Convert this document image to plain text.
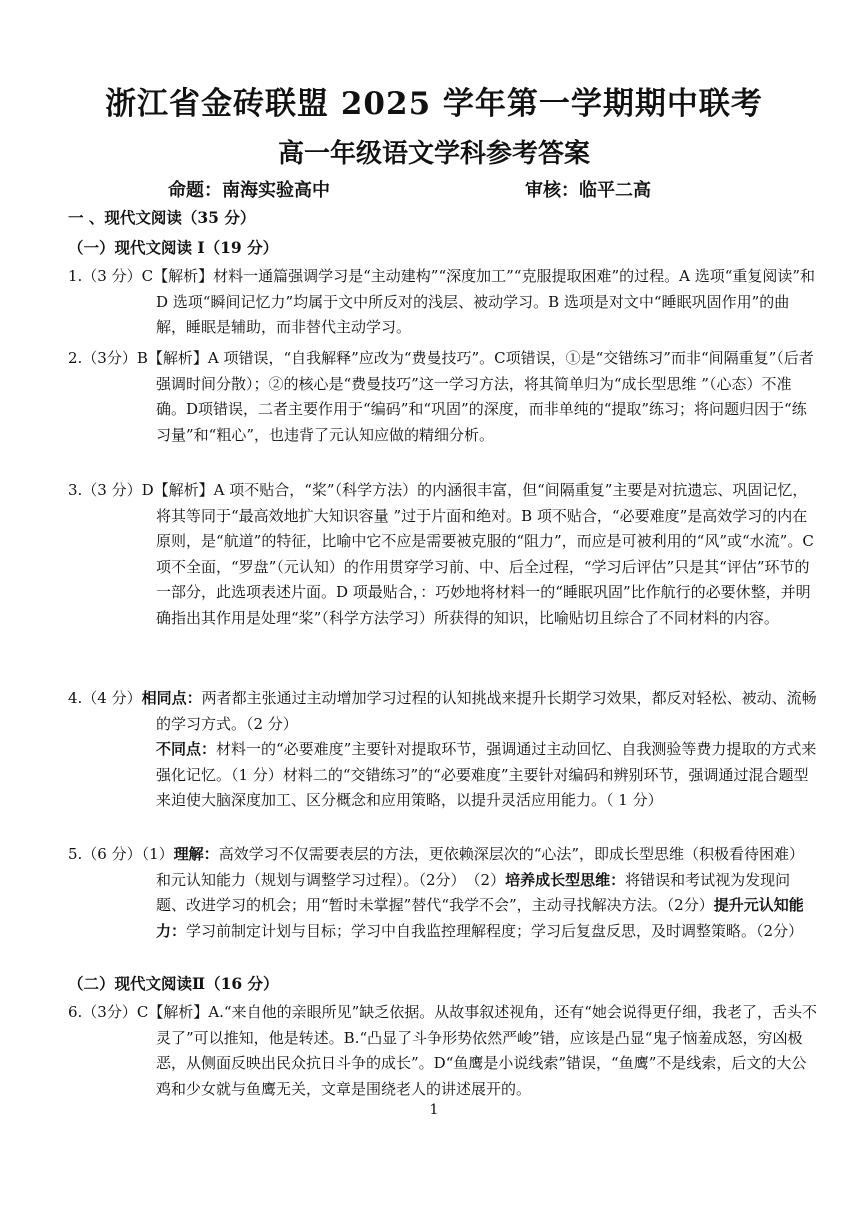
浙江省金砖联盟 2025 学年第一学期期中联考
高一年级语文学科参考答案
命题：南海实验高中	审核：临平二高
一 、现代文阅读（35 分）
（一）现代文阅读 Ⅰ（19 分）

1.（3 分）C【解析】材料一通篇强调学习是“主动建构”“深度加工”“克服提取困难”的过程。A 选项“重复阅读”和 D 选项“瞬间记忆力”均属于文中所反对的浅层、被动学习。B 选项是对文中“睡眠巩固作用”的曲解，睡眠是辅助，而非替代主动学习。

2.（3分）B【解析】A 项错误，“自我解释”应改为“费曼技巧”。C项错误，①是“交错练习”而非“间隔重复”（后者强调时间分散）；②的核心是“费曼技巧”这一学习方法，将其简单归为“成长型思维 ”（心态）不准确。D项错误，二者主要作用于“编码”和“巩固”的深度，而非单纯的“提取”练习；将问题归因于“练习量”和“粗心”，也违背了元认知应做的精细分析。

3.（3 分）D【解析】A 项不贴合，“桨”（科学方法）的内涵很丰富，但“间隔重复”主要是对抗遗忘、巩固记忆，将其等同于“最高效地扩大知识容量 ”过于片面和绝对。B 项不贴合，“必要难度”是高效学习的内在原则，是“航道”的特征，比喻中它不应是需要被克服的“阻力”，而应是可被利用的“风”或“水流”。C 项不全面，“罗盘”（元认知）的作用贯穿学习前、中、后全过程，“学习后评估”只是其“评估”环节的一部分，此选项表述片面。D 项最贴合，：巧妙地将材料一的“睡眠巩固”比作航行的必要休整，并明确指出其作用是处理“桨”（科学方法学习）所获得的知识，比喻贴切且综合了不同材料的内容。

4.（4 分）相同点：两者都主张通过主动增加学习过程的认知挑战来提升长期学习效果，都反对轻松、被动、流畅的学习方式。（2 分）

不同点：材料一的“必要难度”主要针对提取环节，强调通过主动回忆、自我测验等费力提取的方式来强化记忆。（1 分）材料二的“交错练习”的“必要难度”主要针对编码和辨别环节，强调通过混合题型来迫使大脑深度加工、区分概念和应用策略，以提升灵活应用能力。（ 1 分）

5.（6 分）（1）理解：高效学习不仅需要表层的方法，更依赖深层次的“心法”，即成长型思维（积极看待困难）和元认知能力（规划与调整学习过程）。（2分）　（2）培养成长型思维：将错误和考试视为发现问题、改进学习的机会；用“暂时未掌握”替代“我学不会”，主动寻找解决方法。（2分）提升元认知能力：学习前制定计划与目标；学习中自我监控理解程度；学习后复盘反思，及时调整策略。（2分）

（二）现代文阅读Ⅱ（16 分）

6.（3分）C【解析】A.“来自他的亲眼所见”缺乏依据。从故事叙述视角，还有“她会说得更仔细，我老了，舌头不灵了”可以推知，他是转述。B.“凸显了斗争形势依然严峻”错，应该是凸显“鬼子恼羞成怒，穷凶极恶，从侧面反映出民众抗日斗争的成长”。D“鱼鹰是小说线索”错误，“鱼鹰”不是线索，后文的大公鸡和少女就与鱼鹰无关，文章是围绕老人的讲述展开的。

1
